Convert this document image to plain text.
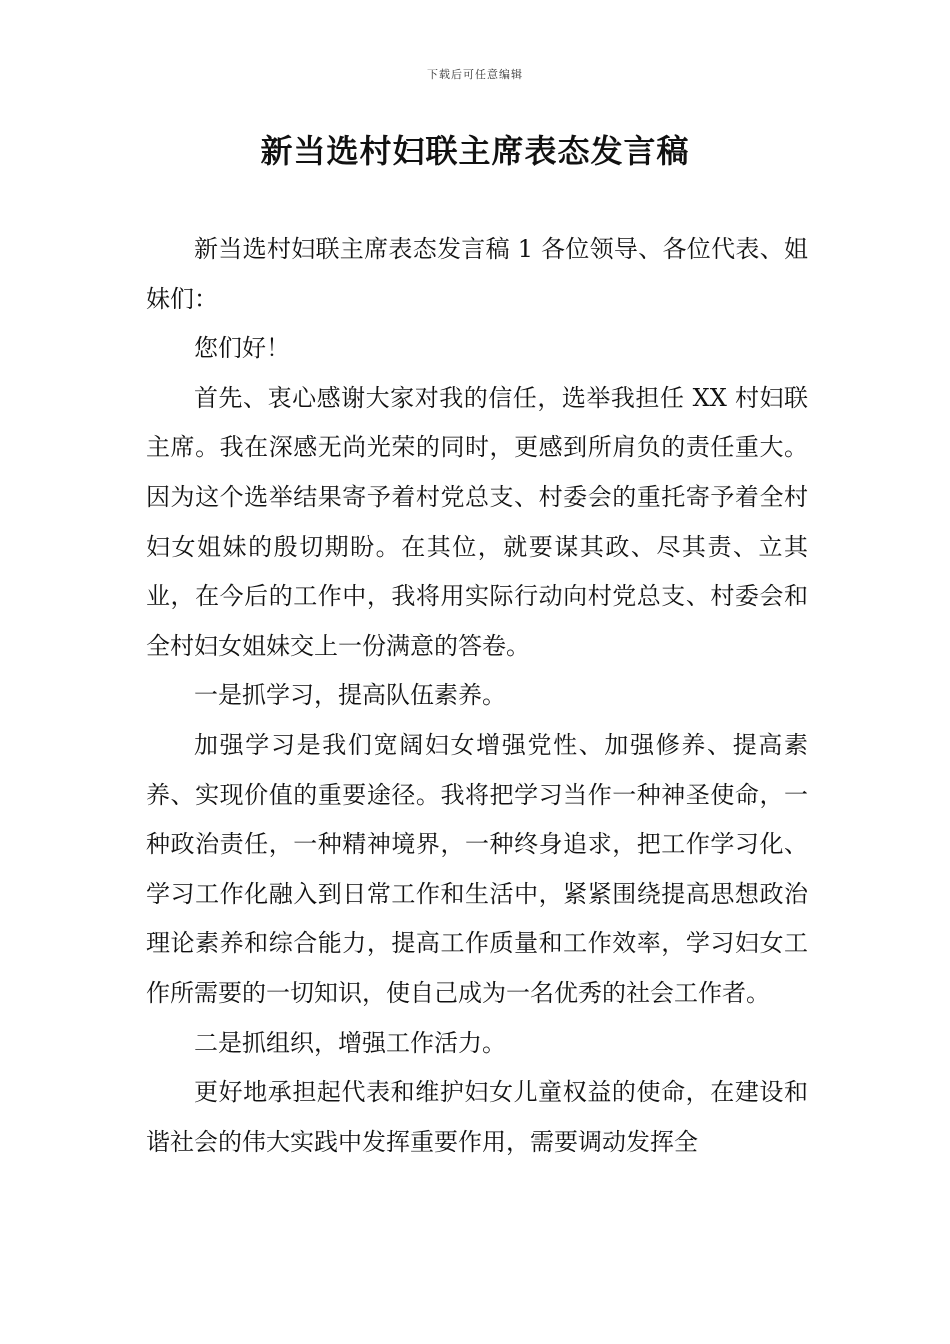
下载后可任意编辑
新当选村妇联主席表态发言稿

新当选村妇联主席表态发言稿 1 各位领导、各位代表、姐妹们：

您们好！

首先、衷心感谢大家对我的信任，选举我担任 XX 村妇联主席。我在深感无尚光荣的同时，更感到所肩负的责任重大。因为这个选举结果寄予着村党总支、村委会的重托寄予着全村妇女姐妹的殷切期盼。在其位，就要谋其政、尽其责、立其业，在今后的工作中，我将用实际行动向村党总支、村委会和全村妇女姐妹交上一份满意的答卷。

一是抓学习，提高队伍素养。

加强学习是我们宽阔妇女增强党性、加强修养、提高素养、实现价值的重要途径。我将把学习当作一种神圣使命，一种政治责任，一种精神境界，一种终身追求，把工作学习化、学习工作化融入到日常工作和生活中，紧紧围绕提高思想政治理论素养和综合能力，提高工作质量和工作效率，学习妇女工作所需要的一切知识，使自己成为一名优秀的社会工作者。

二是抓组织，增强工作活力。

更好地承担起代表和维护妇女儿童权益的使命，在建设和谐社会的伟大实践中发挥重要作用，需要调动发挥全
